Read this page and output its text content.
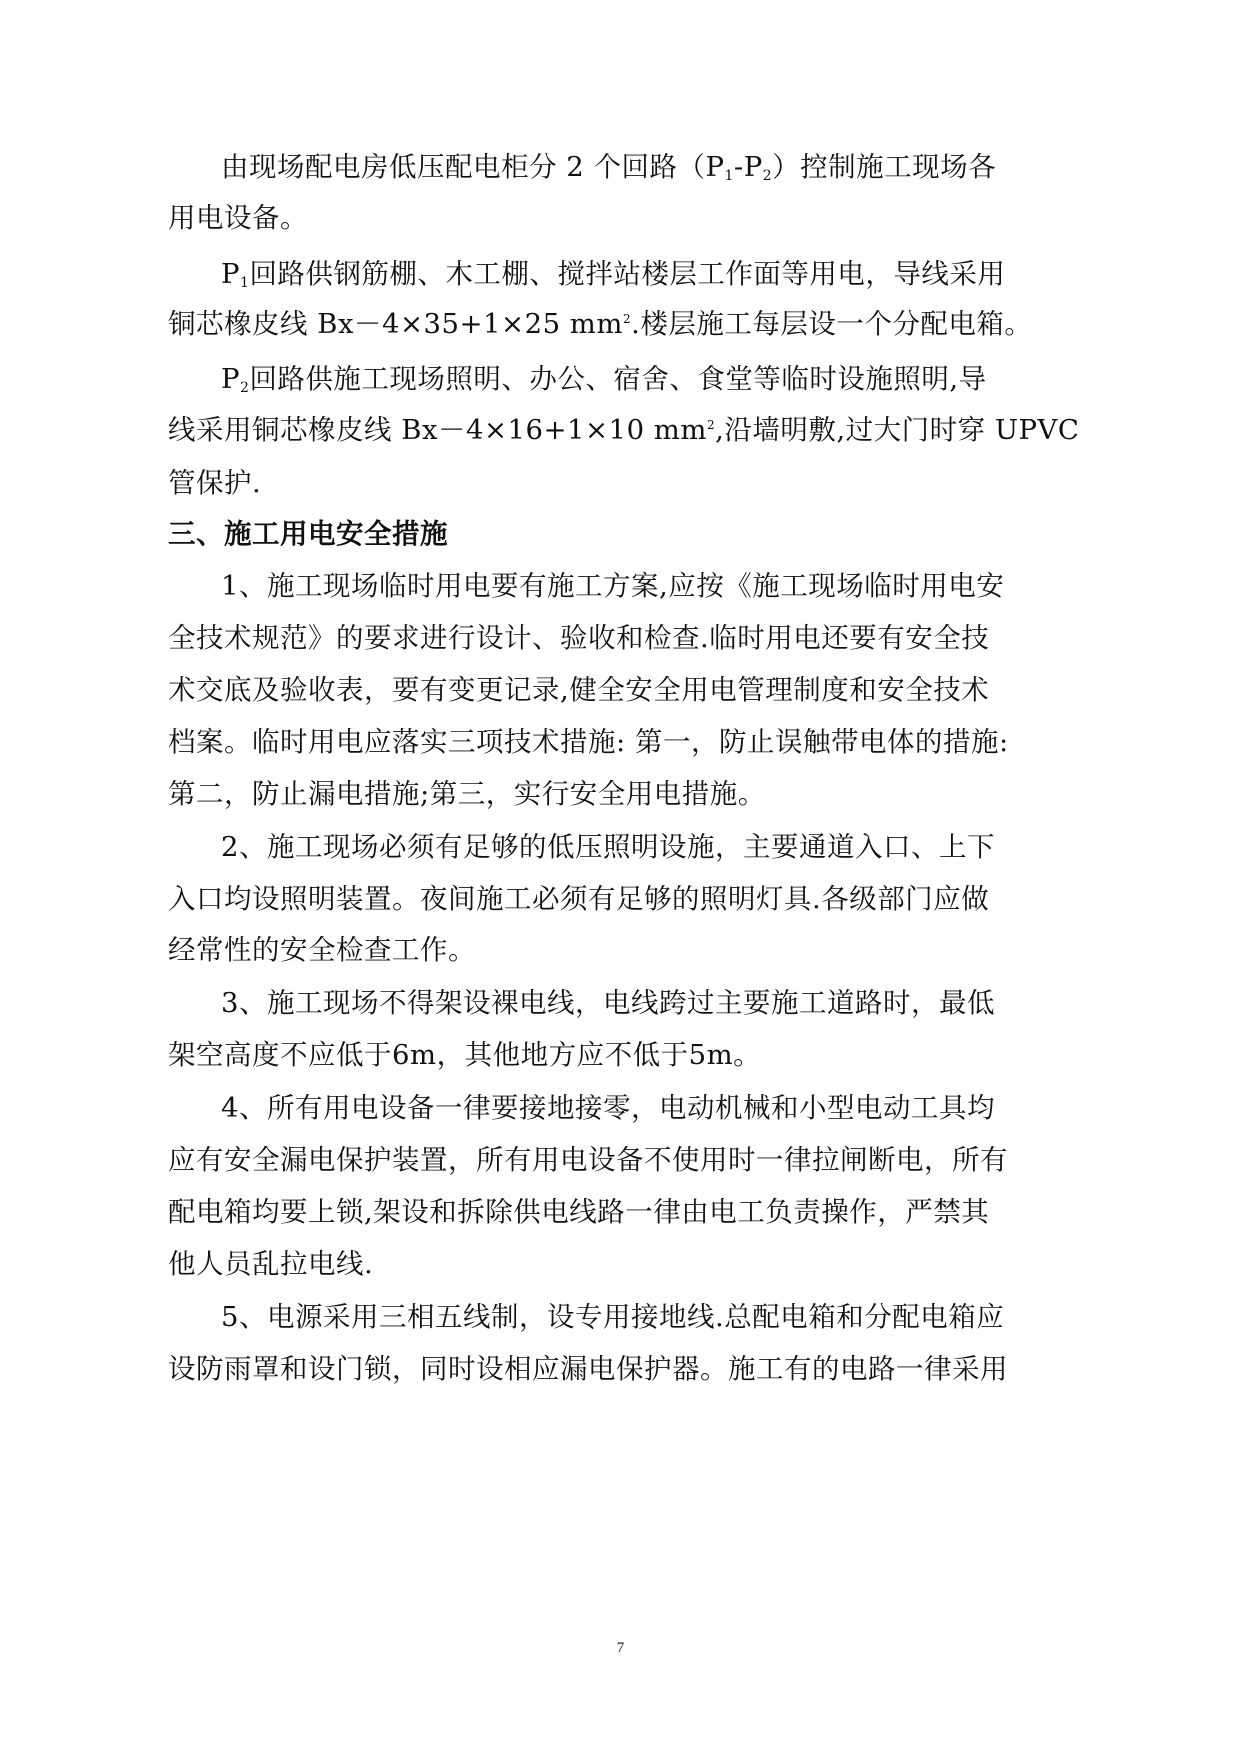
由现场配电房低压配电柜分 2 个回路$(P_1-P_2)$控制施工现场各
用电设备。
$P_1$回路供钢筋棚、木工棚、搅拌站楼层工作面等用电，导线采用
铜芯橡皮线 Bx－4×35+1×25 $mm^2$.楼层施工每层设一个分配电箱。
$P_2$回路供施工现场照明、办公、宿舍、食堂等临时设施照明,导
线采用铜芯橡皮线 Bx－4×16+1×10 $mm^2$,沿墙明敷,过大门时穿 UPVC
管保护.
三、施工用电安全措施
1、施工现场临时用电要有施工方案,应按《施工现场临时用电安
全技术规范》的要求进行设计、验收和检查.临时用电还要有安全技
术交底及验收表，要有变更记录,健全安全用电管理制度和安全技术
档案。临时用电应落实三项技术措施: 第一，防止误触带电体的措施:
第二，防止漏电措施;第三，实行安全用电措施。
2、施工现场必须有足够的低压照明设施，主要通道入口、上下
入口均设照明装置。夜间施工必须有足够的照明灯具.各级部门应做
经常性的安全检查工作。
3、施工现场不得架设裸电线，电线跨过主要施工道路时，最低
架空高度不应低于6m，其他地方应不低于5m。
4、所有用电设备一律要接地接零，电动机械和小型电动工具均
应有安全漏电保护装置，所有用电设备不使用时一律拉闸断电，所有
配电箱均要上锁,架设和拆除供电线路一律由电工负责操作，严禁其
他人员乱拉电线.
5、电源采用三相五线制，设专用接地线.总配电箱和分配电箱应
设防雨罩和设门锁，同时设相应漏电保护器。施工有的电路一律采用
7
